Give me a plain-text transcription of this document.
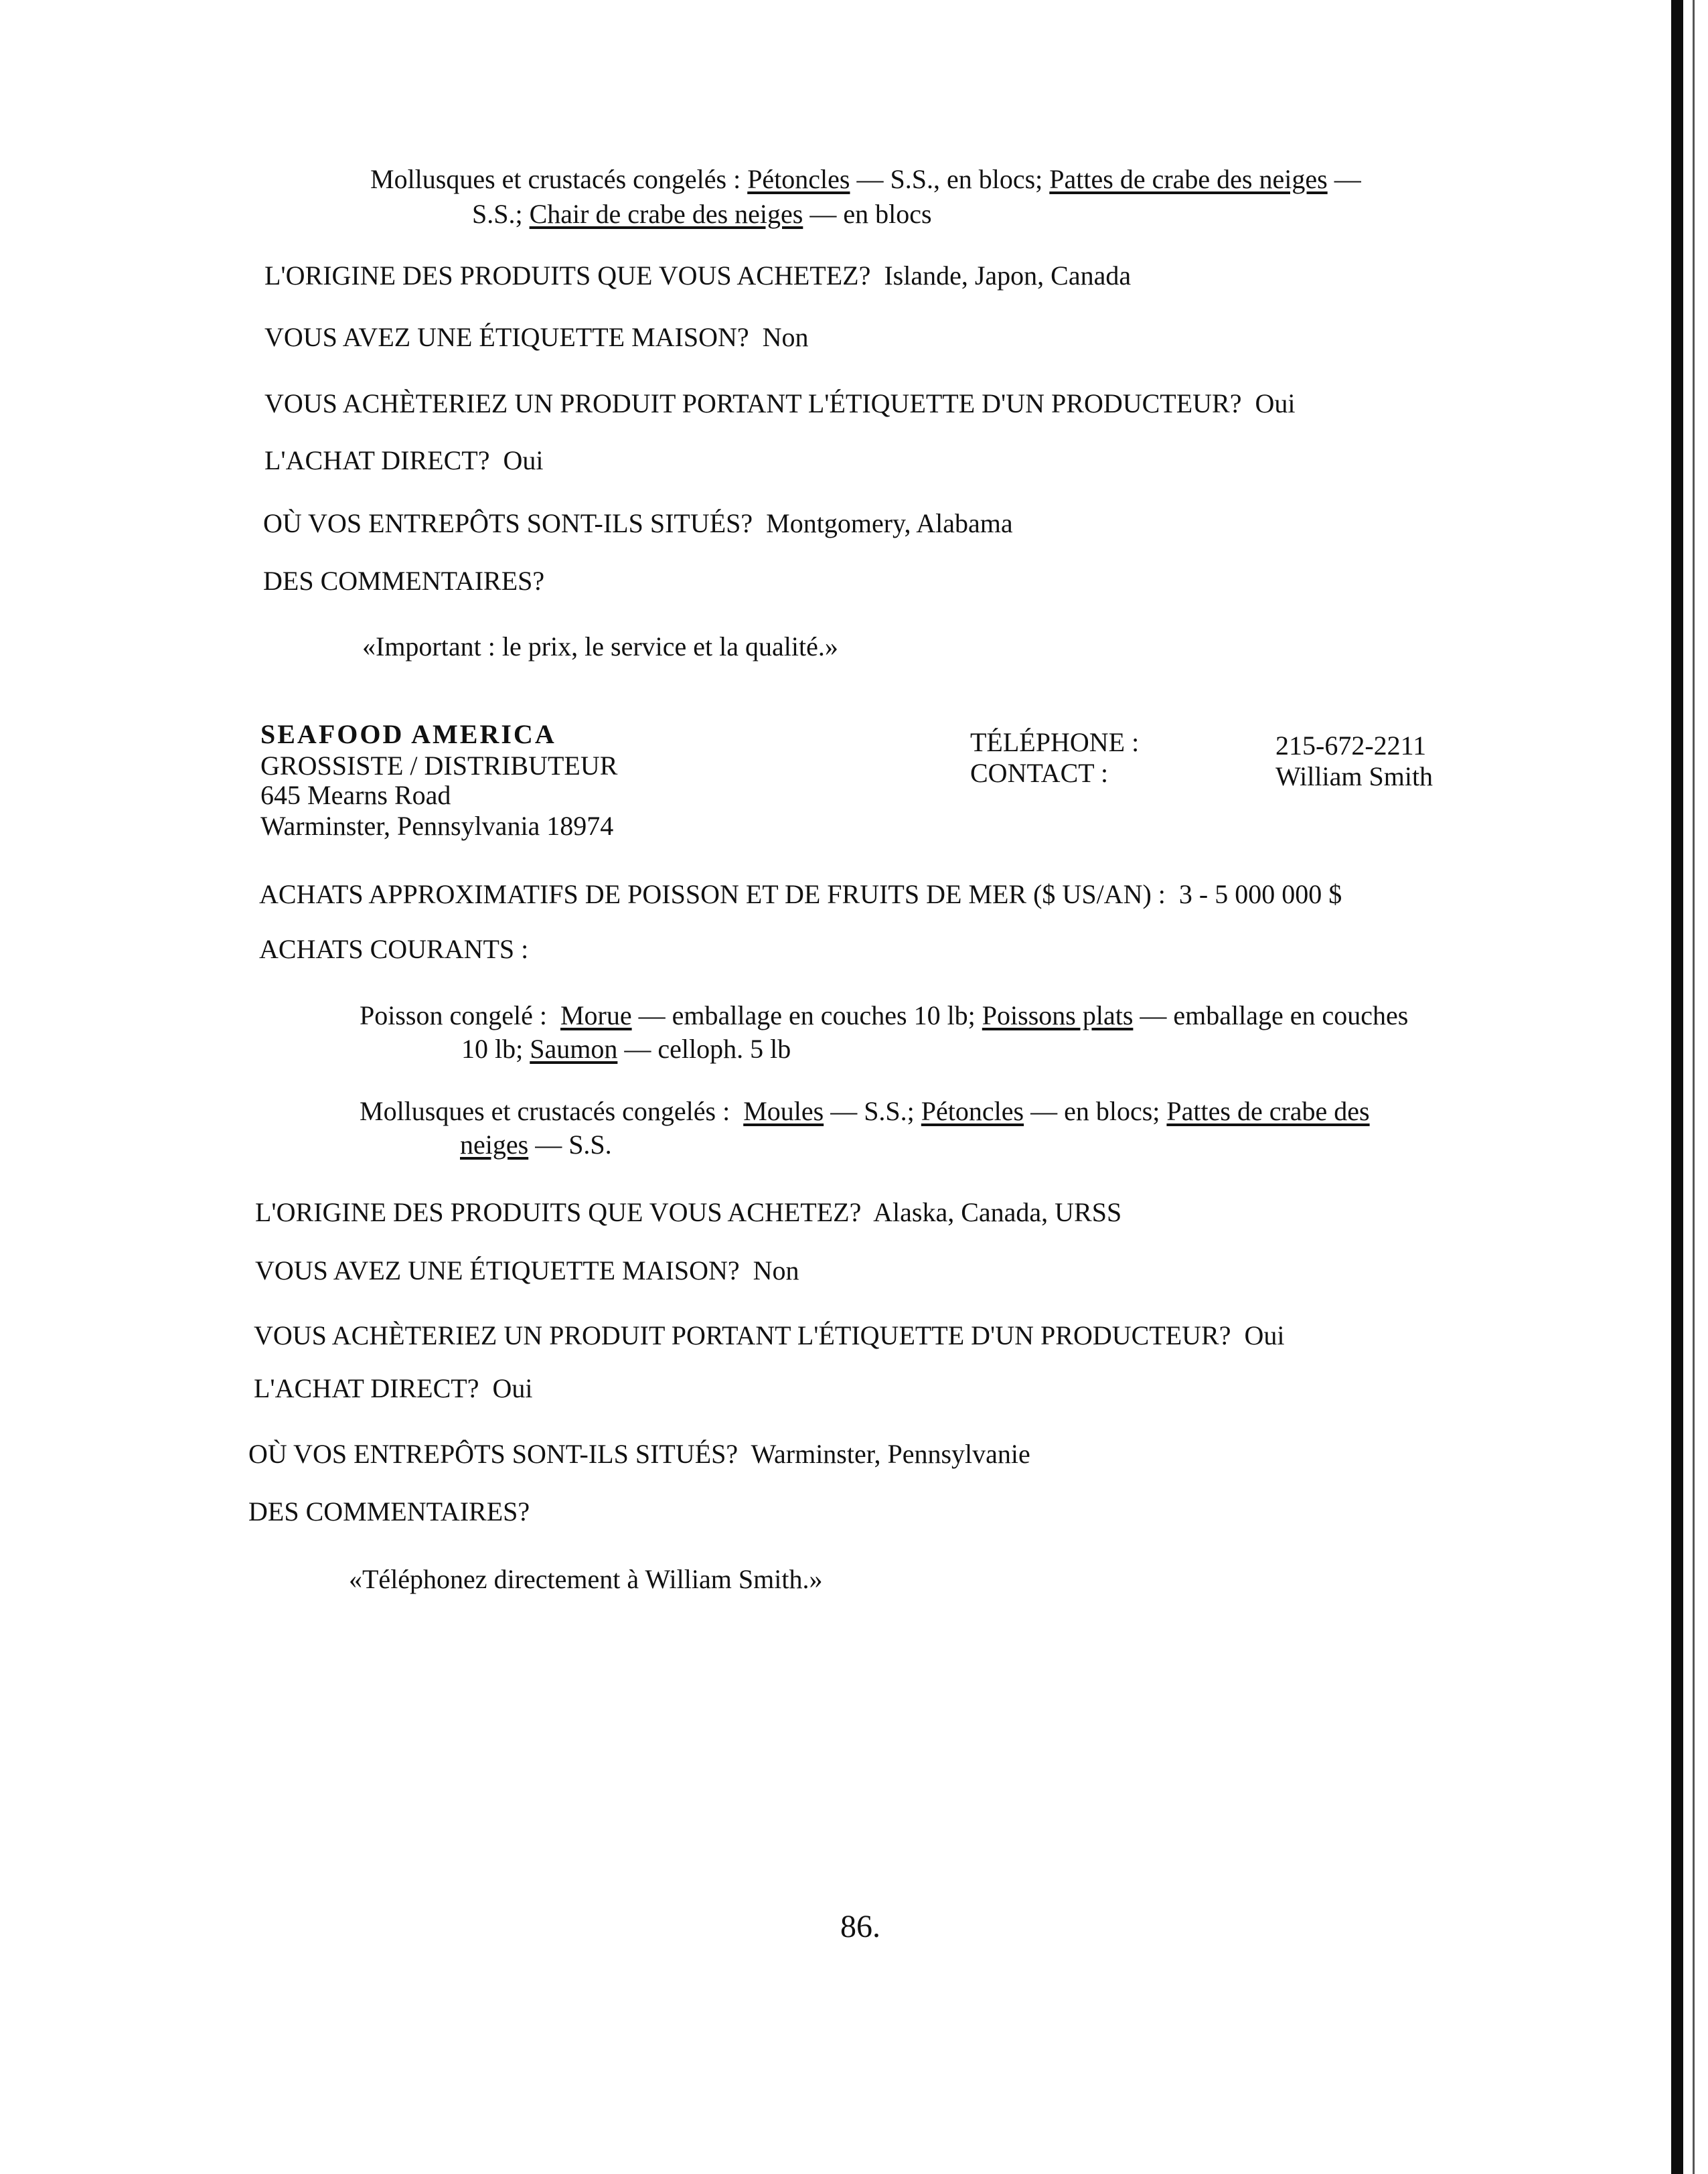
Mollusques et crustacés congelés : Pétoncles — S.S., en blocs; Pattes de crabe des neiges —
S.S.; Chair de crabe des neiges — en blocs
L'ORIGINE DES PRODUITS QUE VOUS ACHETEZ? Islande, Japon, Canada
VOUS AVEZ UNE ÉTIQUETTE MAISON? Non
VOUS ACHÈTERIEZ UN PRODUIT PORTANT L'ÉTIQUETTE D'UN PRODUCTEUR? Oui
L'ACHAT DIRECT? Oui
OÙ VOS ENTREPÔTS SONT-ILS SITUÉS? Montgomery, Alabama
DES COMMENTAIRES?
«Important : le prix, le service et la qualité.»
SEAFOOD AMERICA
GROSSISTE / DISTRIBUTEUR
645 Mearns Road
Warminster, Pennsylvania 18974
TÉLÉPHONE :	215-672-2211
CONTACT :	William Smith
ACHATS APPROXIMATIFS DE POISSON ET DE FRUITS DE MER ($ US/AN) : 3 - 5 000 000 $
ACHATS COURANTS :
Poisson congelé : Morue — emballage en couches 10 lb; Poissons plats — emballage en couches
10 lb; Saumon — celloph. 5 lb
Mollusques et crustacés congelés : Moules — S.S.; Pétoncles — en blocs; Pattes de crabe des
neiges — S.S.
L'ORIGINE DES PRODUITS QUE VOUS ACHETEZ? Alaska, Canada, URSS
VOUS AVEZ UNE ÉTIQUETTE MAISON? Non
VOUS ACHÈTERIEZ UN PRODUIT PORTANT L'ÉTIQUETTE D'UN PRODUCTEUR? Oui
L'ACHAT DIRECT? Oui
OÙ VOS ENTREPÔTS SONT-ILS SITUÉS? Warminster, Pennsylvanie
DES COMMENTAIRES?
«Téléphonez directement à William Smith.»
86.
